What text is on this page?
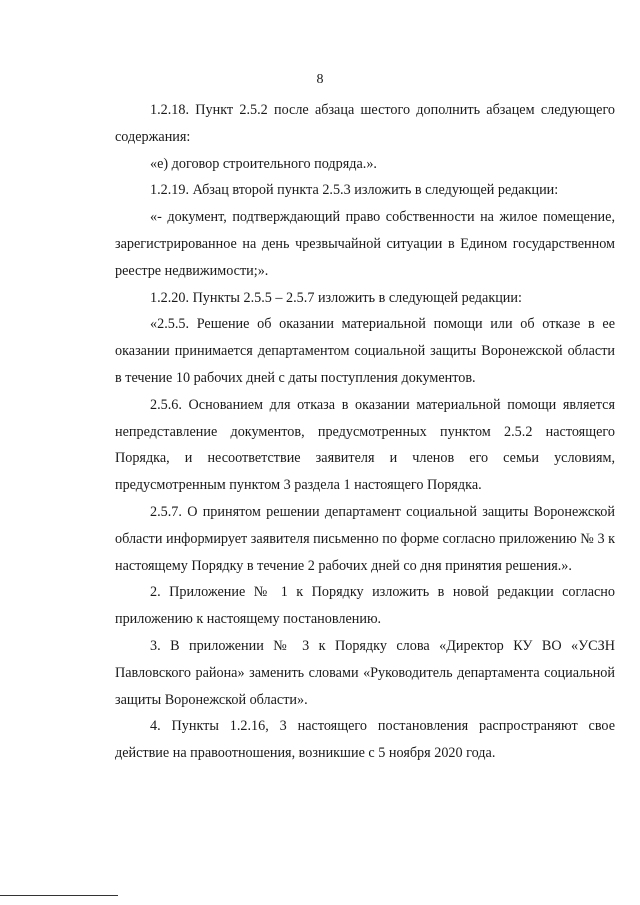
8

1.2.18. Пункт 2.5.2 после абзаца шестого дополнить абзацем следующего содержания:

«е) договор строительного подряда.».

1.2.19. Абзац второй пункта 2.5.3 изложить в следующей редакции:

«- документ, подтверждающий право собственности на жилое помещение, зарегистрированное на день чрезвычайной ситуации в Едином государственном реестре недвижимости;».

1.2.20. Пункты 2.5.5 – 2.5.7 изложить в следующей редакции:

«2.5.5. Решение об оказании материальной помощи или об отказе в ее оказании принимается департаментом социальной защиты Воронежской области в течение 10 рабочих дней с даты поступления документов.

2.5.6. Основанием для отказа в оказании материальной помощи является непредставление документов, предусмотренных пунктом 2.5.2 настоящего Порядка, и несоответствие заявителя и членов его семьи условиям, предусмотренным пунктом 3 раздела 1 настоящего Порядка.

2.5.7. О принятом решении департамент социальной защиты Воронежской области информирует заявителя письменно по форме согласно приложению № 3 к настоящему Порядку в течение 2 рабочих дней со дня принятия решения.».

2. Приложение № 1 к Порядку изложить в новой редакции согласно приложению к настоящему постановлению.

3. В приложении № 3 к Порядку слова «Директор КУ ВО «УСЗН Павловского района» заменить словами «Руководитель департамента социальной защиты Воронежской области».

4. Пункты 1.2.16, 3 настоящего постановления распространяют свое действие на правоотношения, возникшие с 5 ноября 2020 года.
